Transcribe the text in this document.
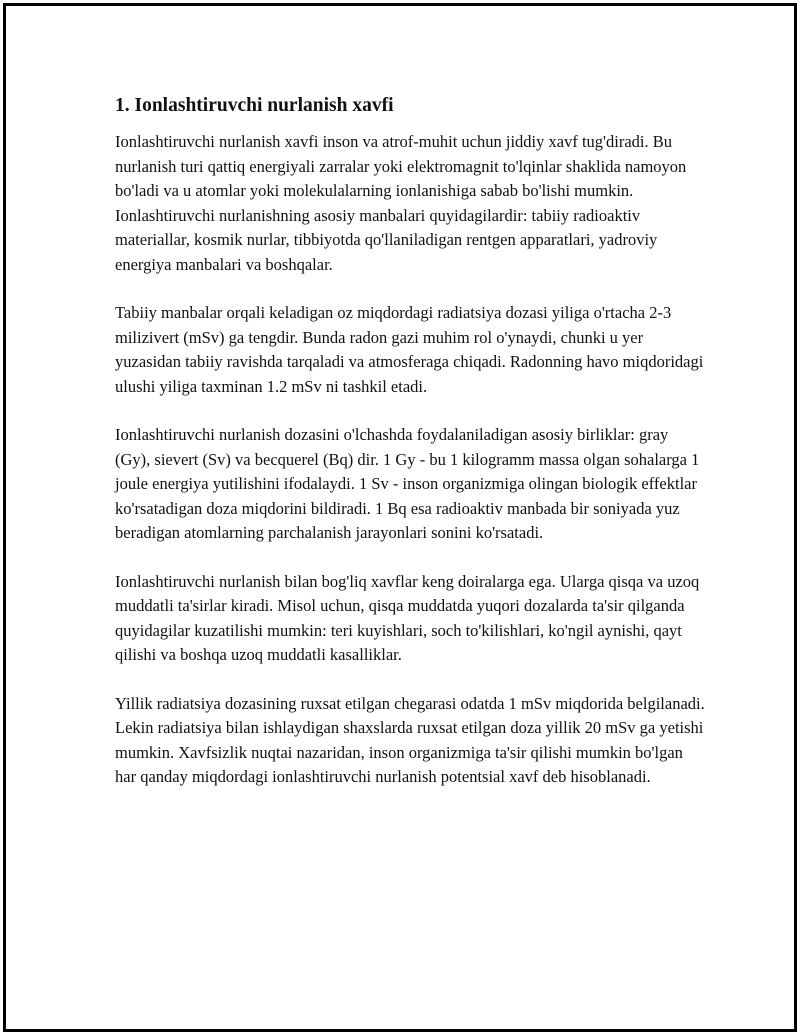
1. Ionlashtiruvchi nurlanish xavfi

Ionlashtiruvchi nurlanish xavfi inson va atrof-muhit uchun jiddiy xavf tug'diradi. Bu nurlanish turi qattiq energiyali zarralar yoki elektromagnit to'lqinlar shaklida namoyon bo'ladi va u atomlar yoki molekulalarning ionlanishiga sabab bo'lishi mumkin. Ionlashtiruvchi nurlanishning asosiy manbalari quyidagilardir: tabiiy radioaktiv materiallar, kosmik nurlar, tibbiyotda qo'llaniladigan rentgen apparatlari, yadroviy energiya manbalari va boshqalar.

Tabiiy manbalar orqali keladigan oz miqdordagi radiatsiya dozasi yiliga o'rtacha 2-3 milizivert (mSv) ga tengdir. Bunda radon gazi muhim rol o'ynaydi, chunki u yer yuzasidan tabiiy ravishda tarqaladi va atmosferaga chiqadi. Radonning havo miqdoridagi ulushi yiliga taxminan 1.2 mSv ni tashkil etadi.

Ionlashtiruvchi nurlanish dozasini o'lchashda foydalaniladigan asosiy birliklar: gray (Gy), sievert (Sv) va becquerel (Bq) dir. 1 Gy - bu 1 kilogramm massa olgan sohalarga 1 joule energiya yutilishini ifodalaydi. 1 Sv - inson organizmiga olingan biologik effektlar ko'rsatadigan doza miqdorini bildiradi. 1 Bq esa radioaktiv manbada bir soniyada yuz beradigan atomlarning parchalanish jarayonlari sonini ko'rsatadi.

Ionlashtiruvchi nurlanish bilan bog'liq xavflar keng doiralarga ega. Ularga qisqa va uzoq muddatli ta'sirlar kiradi. Misol uchun, qisqa muddatda yuqori dozalarda ta'sir qilganda quyidagilar kuzatilishi mumkin: teri kuyishlari, soch to'kilishlari, ko'ngil aynishi, qayt qilishi va boshqa uzoq muddatli kasalliklar.

Yillik radiatsiya dozasining ruxsat etilgan chegarasi odatda 1 mSv miqdorida belgilanadi. Lekin radiatsiya bilan ishlaydigan shaxslarda ruxsat etilgan doza yillik 20 mSv ga yetishi mumkin. Xavfsizlik nuqtai nazaridan, inson organizmiga ta'sir qilishi mumkin bo'lgan har qanday miqdordagi ionlashtiruvchi nurlanish potentsial xavf deb hisoblanadi.
